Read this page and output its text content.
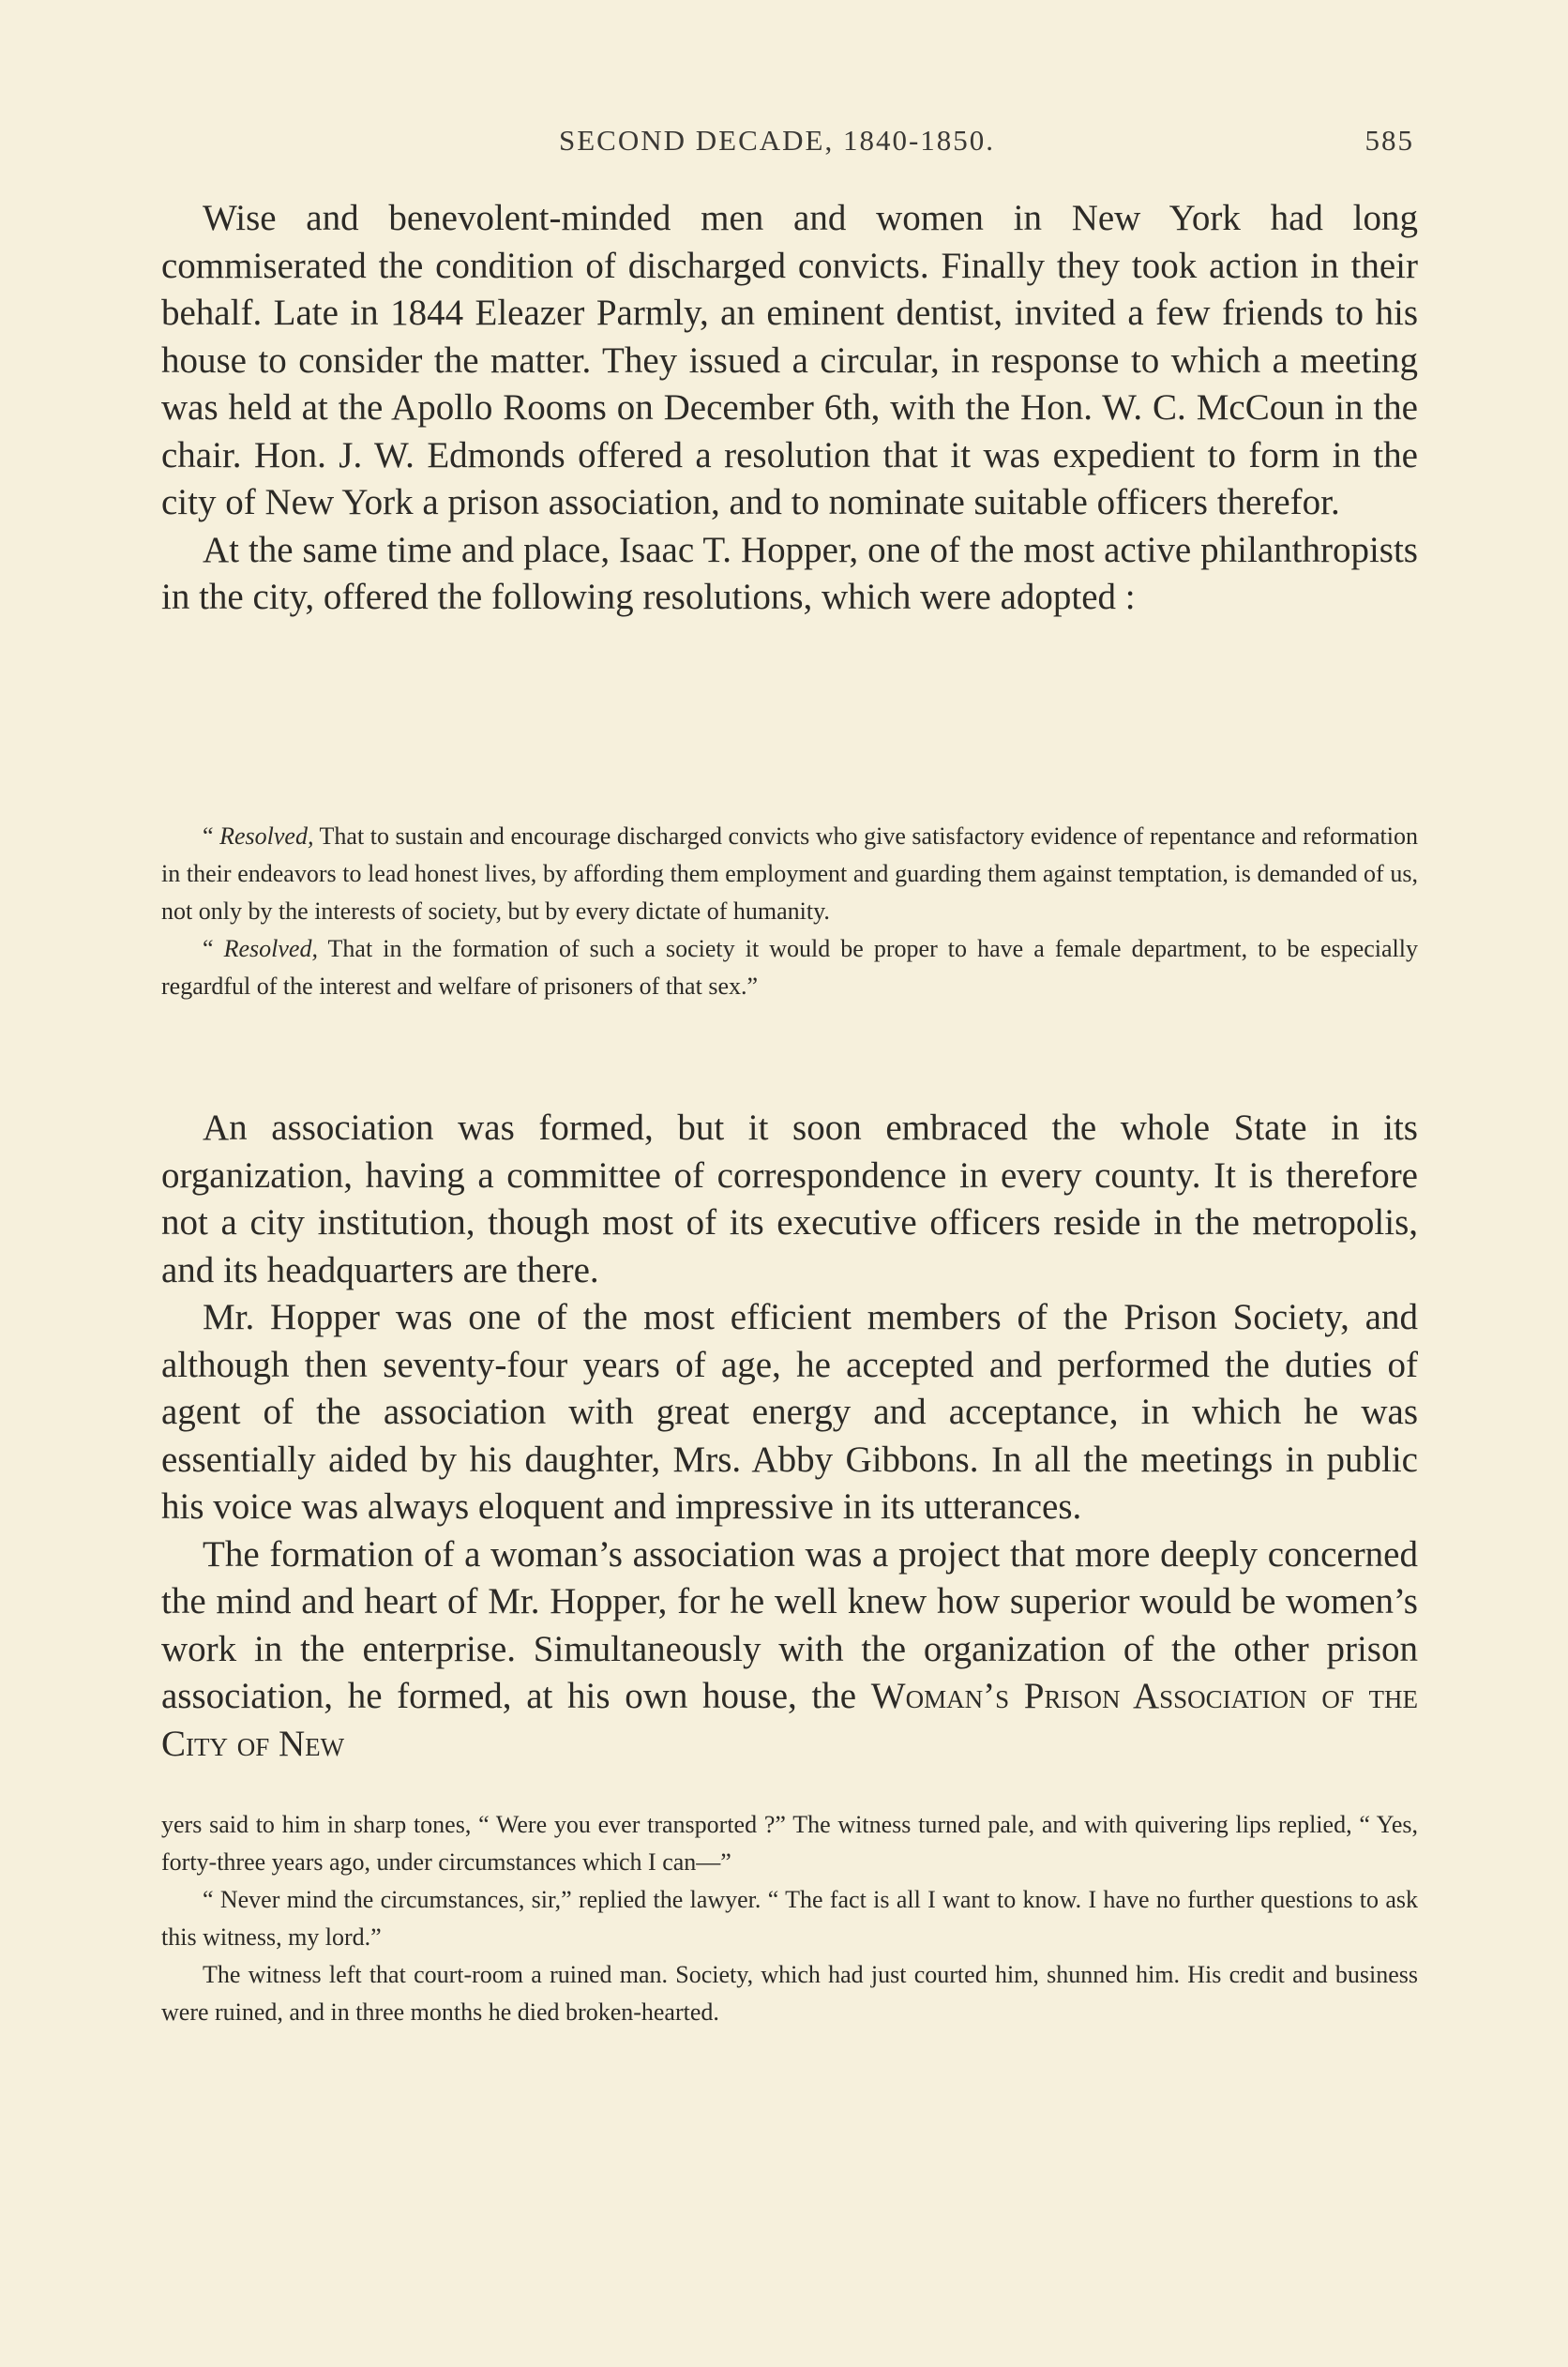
SECOND DECADE, 1840-1850.	585

Wise and benevolent-minded men and women in New York had long commiserated the condition of discharged convicts. Finally they took action in their behalf. Late in 1844 Eleazer Parmly, an eminent dentist, invited a few friends to his house to consider the matter. They issued a circular, in response to which a meeting was held at the Apollo Rooms on December 6th, with the Hon. W. C. McCoun in the chair. Hon. J. W. Edmonds offered a resolution that it was expedient to form in the city of New York a prison association, and to nominate suitable officers therefor.

At the same time and place, Isaac T. Hopper, one of the most active philanthropists in the city, offered the following resolutions, which were adopted :

“ Resolved, That to sustain and encourage discharged convicts who give satisfactory evidence of repentance and reformation in their endeavors to lead honest lives, by affording them employment and guarding them against temptation, is demanded of us, not only by the interests of society, but by every dictate of humanity.

“ Resolved, That in the formation of such a society it would be proper to have a female department, to be especially regardful of the interest and welfare of prisoners of that sex.”

An association was formed, but it soon embraced the whole State in its organization, having a committee of correspondence in every county. It is therefore not a city institution, though most of its executive officers reside in the metropolis, and its headquarters are there.

Mr. Hopper was one of the most efficient members of the Prison Society, and although then seventy-four years of age, he accepted and performed the duties of agent of the association with great energy and acceptance, in which he was essentially aided by his daughter, Mrs. Abby Gibbons. In all the meetings in public his voice was always eloquent and impressive in its utterances.

The formation of a woman’s association was a project that more deeply concerned the mind and heart of Mr. Hopper, for he well knew how superior would be women’s work in the enterprise. Simultaneously with the organization of the other prison association, he formed, at his own house, the Woman’s Prison Association of the City of New

yers said to him in sharp tones, “ Were you ever transported ?” The witness turned pale, and with quivering lips replied, “ Yes, forty-three years ago, under circumstances which I can—”

“ Never mind the circumstances, sir,” replied the lawyer. “ The fact is all I want to know. I have no further questions to ask this witness, my lord.”

The witness left that court-room a ruined man. Society, which had just courted him, shunned him. His credit and business were ruined, and in three months he died broken-hearted.
